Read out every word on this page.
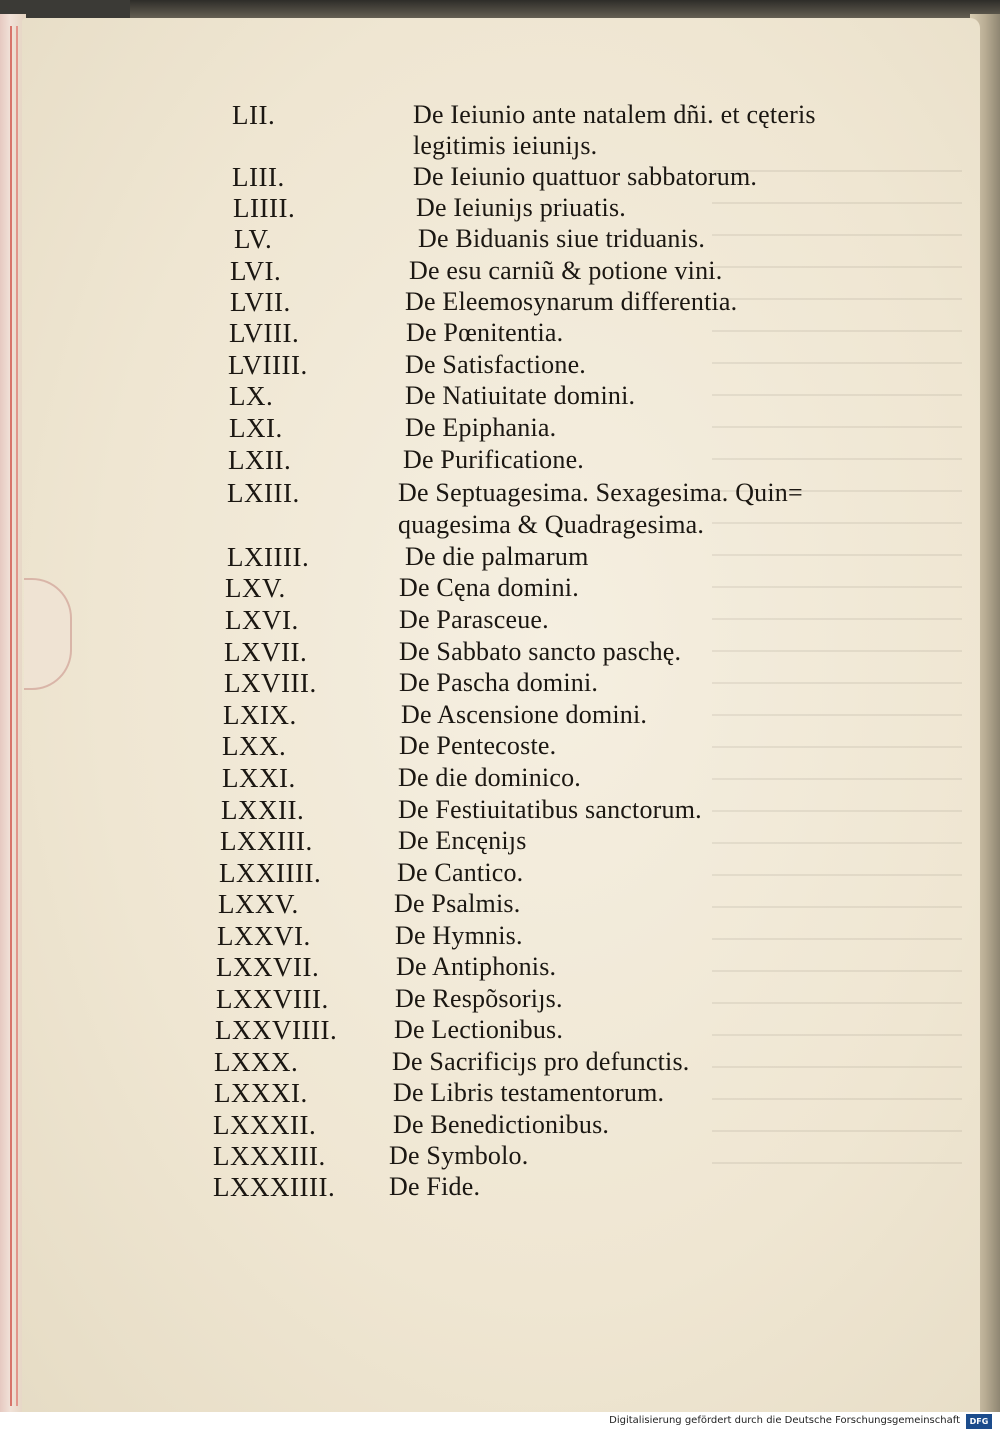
LII.	De Ieiunio ante natalem dñi. et cęteris
legitimis ieiuniȷs.
LIII.	De Ieiunio quattuor sabbatorum.
LIIII.	De Ieiuniȷs priuatis.
LV.	De Biduanis siue triduanis.
LVI.	De esu carniũ & potione vini.
LVII.	De Eleemosynarum differentia.
LVIII.	De Pœnitentia.
LVIIII.	De Satisfactione.
LX.	De Natiuitate domini.
LXI.	De Epiphania.
LXII.	De Purificatione.
LXIII.	De Septuagesima. Sexagesima. Quin=
quagesima & Quadragesima.
LXIIII.	De die palmarum
LXV.	De Cęna domini.
LXVI.	De Parasceue.
LXVII.	De Sabbato sancto paschę.
LXVIII.	De Pascha domini.
LXIX.	De Ascensione domini.
LXX.	De Pentecoste.
LXXI.	De die dominico.
LXXII.	De Festiuitatibus sanctorum.
LXXIII.	De Encęniȷs
LXXIIII.	De Cantico.
LXXV.	De Psalmis.
LXXVI.	De Hymnis.
LXXVII.	De Antiphonis.
LXXVIII.	De Respõsoriȷs.
LXXVIIII. De Lectionibus.
LXXX.	De Sacrificiȷs pro defunctis.
LXXXI.	De Libris testamentorum.
LXXXII.	De Benedictionibus.
LXXXIII. De Symbolo.
LXXXIIII. De Fide.
Digitalisierung gefördert durch die Deutsche Forschungsgemeinschaft	DFG
